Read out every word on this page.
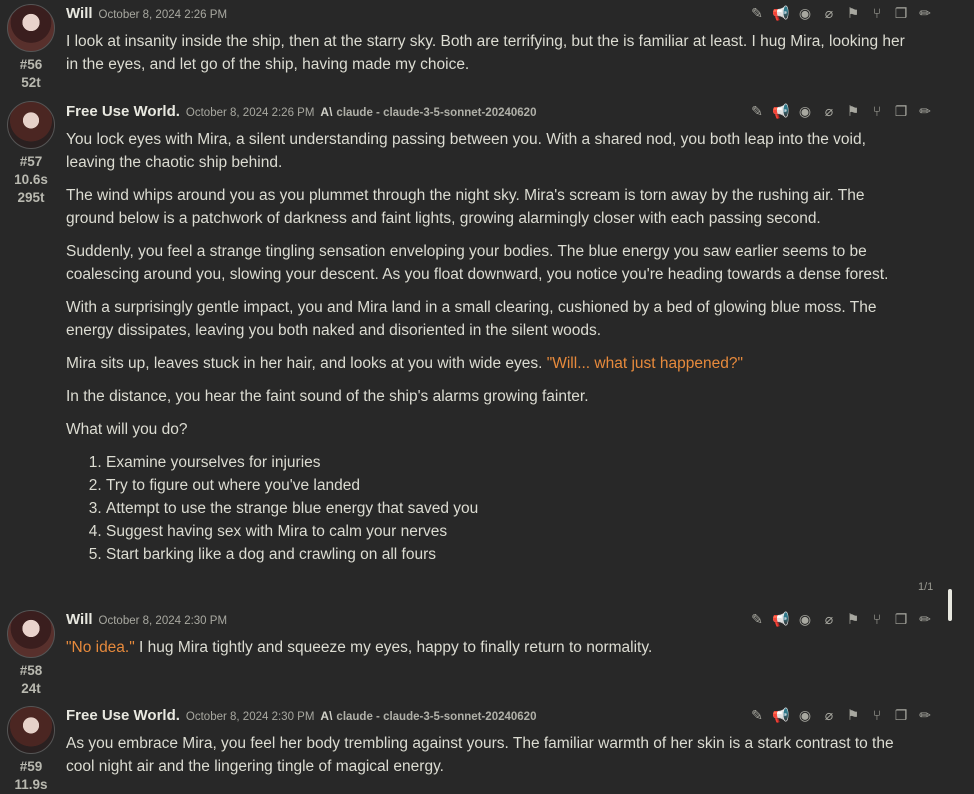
#56
52t
Will October 8, 2024 2:26 PM	✎ 📢 ◉ ⌀ ⚑ ⑂ ❐ ✏

I look at insanity inside the ship, then at the starry sky. Both are terrifying, but the is familiar at least. I hug Mira, looking her in the eyes, and let go of the ship, having made my choice.

#57
10.6s
295t
Free Use World. October 8, 2024 2:26 PM A\ claude - claude-3-5-sonnet-20240620	✎ 📢 ◉ ⌀ ⚑ ⑂ ❐ ✏

You lock eyes with Mira, a silent understanding passing between you. With a shared nod, you both leap into the void, leaving the chaotic ship behind.

The wind whips around you as you plummet through the night sky. Mira's scream is torn away by the rushing air. The ground below is a patchwork of darkness and faint lights, growing alarmingly closer with each passing second.

Suddenly, you feel a strange tingling sensation enveloping your bodies. The blue energy you saw earlier seems to be coalescing around you, slowing your descent. As you float downward, you notice you're heading towards a dense forest.

With a surprisingly gentle impact, you and Mira land in a small clearing, cushioned by a bed of glowing blue moss. The energy dissipates, leaving you both naked and disoriented in the silent woods.

Mira sits up, leaves stuck in her hair, and looks at you with wide eyes. "Will... what just happened?"

In the distance, you hear the faint sound of the ship's alarms growing fainter.

What will you do?

1. Examine yourselves for injuries
2. Try to figure out where you've landed
3. Attempt to use the strange blue energy that saved you
4. Suggest having sex with Mira to calm your nerves
5. Start barking like a dog and crawling on all fours
1/1
#58
24t
Will October 8, 2024 2:30 PM	✎ 📢 ◉ ⌀ ⚑ ⑂ ❐ ✏

"No idea." I hug Mira tightly and squeeze my eyes, happy to finally return to normality.

#59
11.9s
Free Use World. October 8, 2024 2:30 PM A\ claude - claude-3-5-sonnet-20240620	✎ 📢 ◉ ⌀ ⚑ ⑂ ❐ ✏

As you embrace Mira, you feel her body trembling against yours. The familiar warmth of her skin is a stark contrast to the cool night air and the lingering tingle of magical energy.
